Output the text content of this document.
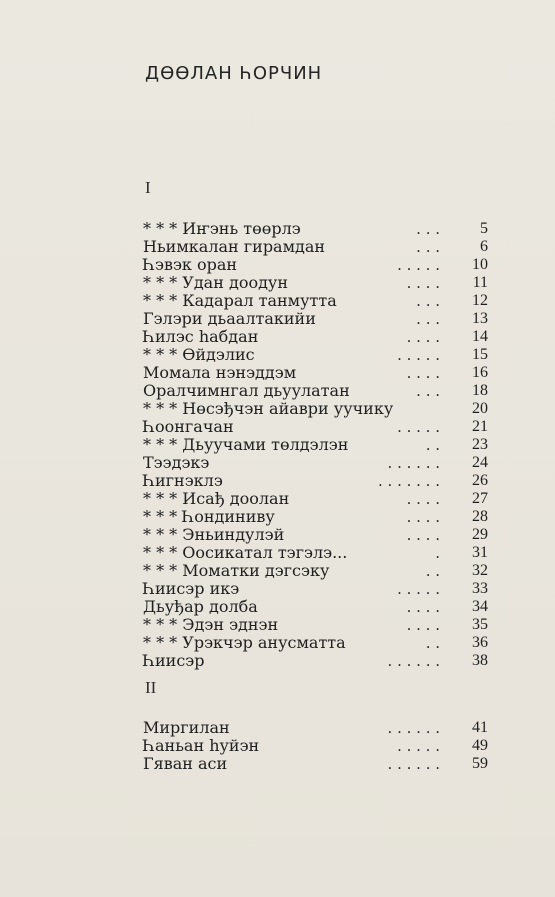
ДӨӨЛАН ҺОРЧИН
I
* * * Иҥэнь төөрлэ	. . .	5
Ньимкалан гирамдан	. . .	6
Һэвэк оран	. . . . .	10
* * * Удан доодун	. . . .	11
* * * Кадарал танмутта	. . .	12
Гэлэри дьаалтакийи	. . .	13
Һилэс һабдан	. . . .	14
* * * Өйдэлис	. . . . .	15
Момала нэнэддэм	. . . .	16
Оралчимнгал дьуулатан	. . .	18
* * * Нөсэђчэн айаври уучику	20
Һоонгачан	. . . . .	21
* * * Дьуучами төлдэлэн	. .	23
Тээдэкэ	. . . . . .	24
Һигнэклэ	. . . . . . .	26
* * * Исађ доолан	. . . .	27
* * * Һондиниву	. . . .	28
* * * Эньиндулэй	. . . .	29
* * * Оосикатал тэгэлэ...	.	31
* * * Моматки дэгсэку	. .	32
Һиисэр икэ	. . . . .	33
Дьуђар долба	. . . .	34
* * * Эдэн эднэн	. . . .	35
* * * Урэкчэр анусматта	. .	36
Һиисэр	. . . . . .	38
II
Миргилан	. . . . . .	41
Һаньан һуйэн	. . . . .	49
Гяван аси	. . . . . .	59
